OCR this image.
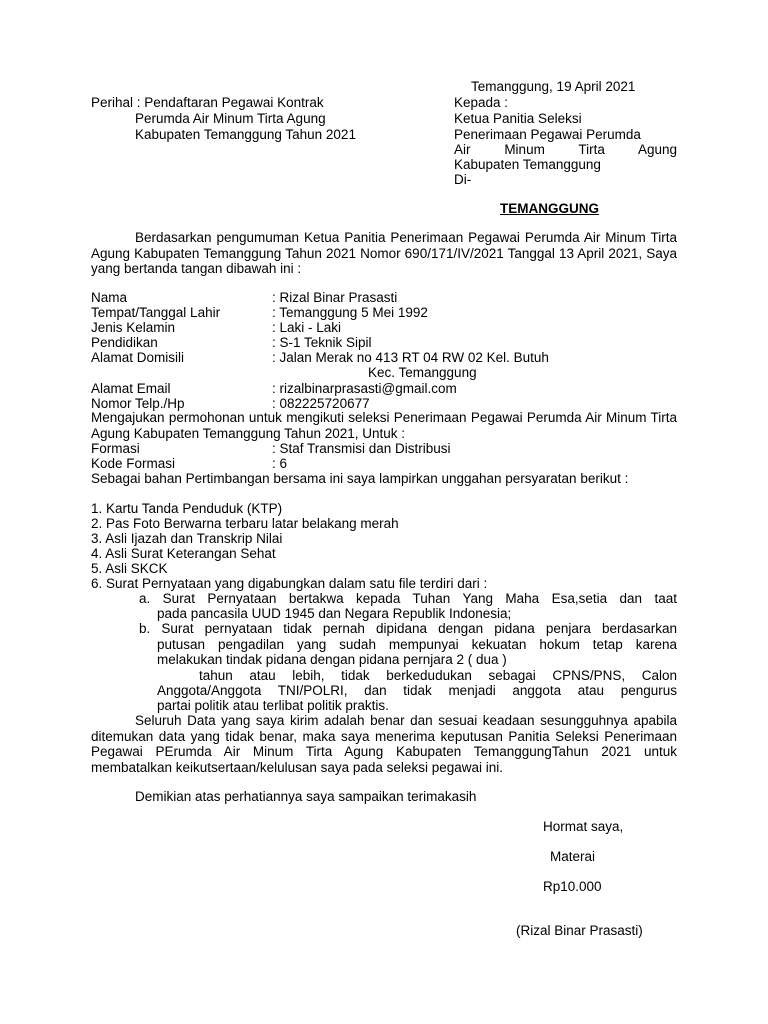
Temanggung, 19 April 2021
Perihal : Pendaftaran Pegawai Kontrak
Perumda Air Minum Tirta Agung
Kabupaten Temanggung Tahun 2021
Kepada :
Ketua Panitia Seleksi
Penerimaan Pegawai Perumda
Air Minum Tirta Agung
Kabupaten Temanggung
Di-
TEMANGGUNG
Berdasarkan pengumuman Ketua Panitia Penerimaan Pegawai Perumda Air Minum Tirta Agung Kabupaten Temanggung Tahun 2021 Nomor 690/171/IV/2021 Tanggal 13 April 2021, Saya yang bertanda tangan dibawah ini :
Nama	: Rizal Binar Prasasti
Tempat/Tanggal Lahir	: Temanggung 5 Mei 1992
Jenis Kelamin	: Laki - Laki
Pendidikan	: S-1 Teknik Sipil
Alamat Domisili	: Jalan Merak no 413 RT 04 RW 02 Kel. Butuh
Kec. Temanggung
Alamat Email	: rizalbinarprasasti@gmail.com
Nomor Telp./Hp	: 082225720677
Mengajukan permohonan untuk mengikuti seleksi Penerimaan Pegawai Perumda Air Minum Tirta Agung Kabupaten Temanggung Tahun 2021, Untuk :
Formasi	: Staf Transmisi dan Distribusi
Kode Formasi	: 6
Sebagai bahan Pertimbangan bersama ini saya lampirkan unggahan persyaratan berikut :
1. Kartu Tanda Penduduk (KTP)
2. Pas Foto Berwarna terbaru latar belakang merah
3. Asli Ijazah dan Transkrip Nilai
4. Asli Surat Keterangan Sehat
5. Asli SKCK
6. Surat Pernyataan yang digabungkan dalam satu file terdiri dari :
a. Surat Pernyataan bertakwa kepada Tuhan Yang Maha Esa,setia dan taat
pada pancasila UUD 1945 dan Negara Republik Indonesia;
b. Surat pernyataan tidak pernah dipidana dengan pidana penjara berdasarkan
putusan pengadilan yang sudah mempunyai kekuatan hokum tetap karena
melakukan tindak pidana dengan pidana pernjara 2 ( dua )
tahun atau lebih, tidak berkedudukan sebagai CPNS/PNS, Calon
Anggota/Anggota TNI/POLRI, dan tidak menjadi anggota atau pengurus
partai politik atau terlibat politik praktis.
Seluruh Data yang saya kirim adalah benar dan sesuai keadaan sesungguhnya apabila ditemukan data yang tidak benar, maka saya menerima keputusan Panitia Seleksi Penerimaan Pegawai PErumda Air Minum Tirta Agung Kabupaten TemanggungTahun 2021 untuk membatalkan keikutsertaan/kelulusan saya pada seleksi pegawai ini.
Demikian atas perhatiannya saya sampaikan terimakasih
Hormat saya,
Materai
Rp10.000
(Rizal Binar Prasasti)
